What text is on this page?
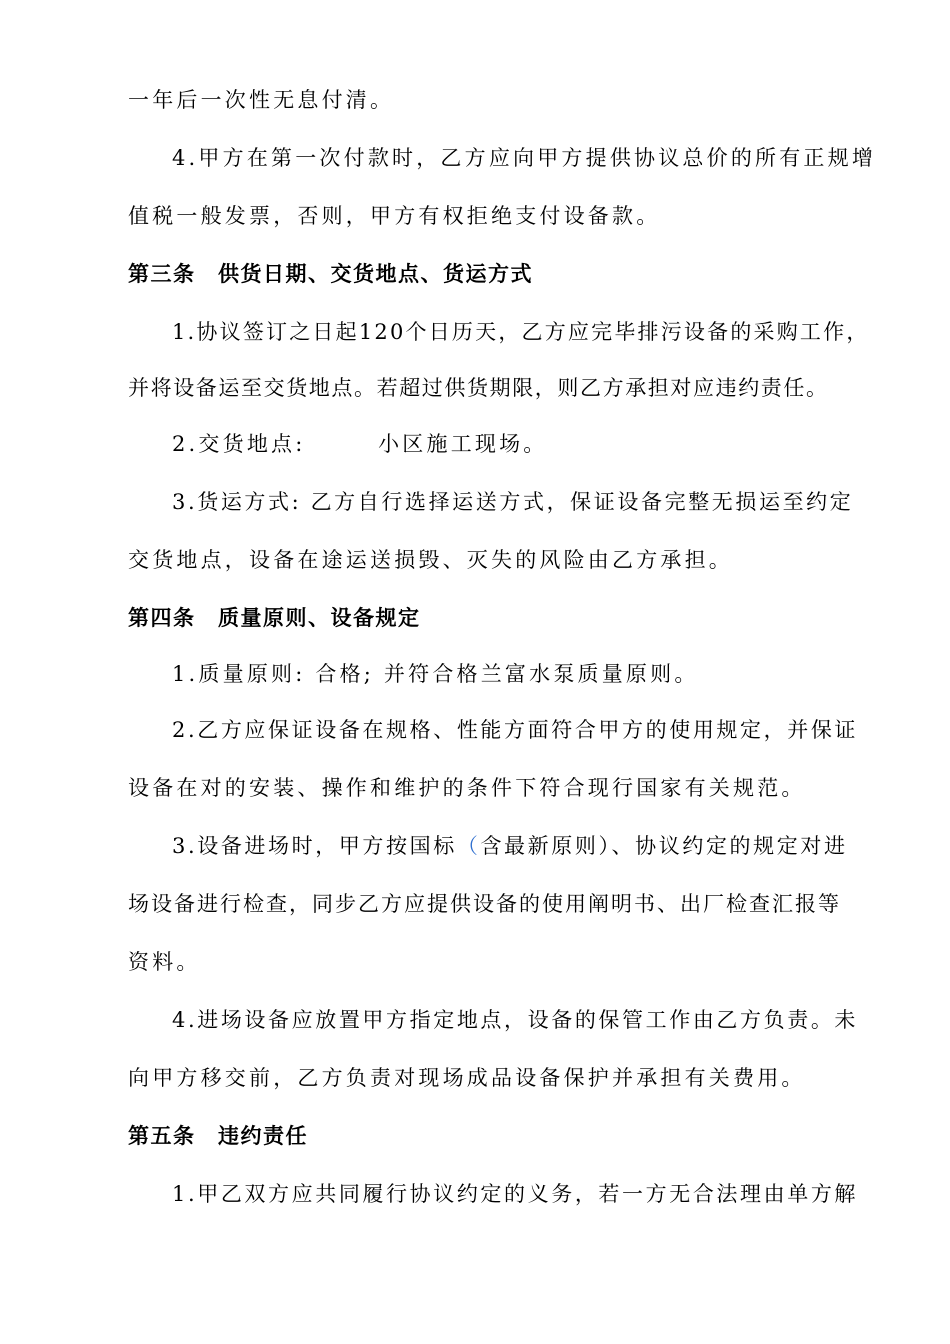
一年后一次性无息付清。
4.甲方在第一次付款时，乙方应向甲方提供协议总价的所有正规增
值税一般发票，否则，甲方有权拒绝支付设备款。
第三条　供货日期、交货地点、货运方式
1.协议签订之日起120个日历天，乙方应完毕排污设备的采购工作，
并将设备运至交货地点。若超过供货期限，则乙方承担对应违约责任。
2.交货地点:　　　小区施工现场。
3.货运方式: 乙方自行选择运送方式，保证设备完整无损运至约定
交货地点，设备在途运送损毁、灭失的风险由乙方承担。
第四条　质量原则、设备规定
1.质量原则: 合格; 并符合格兰富水泵质量原则。
2.乙方应保证设备在规格、性能方面符合甲方的使用规定，并保证
设备在对的安装、操作和维护的条件下符合现行国家有关规范。
3.设备进场时，甲方按国标（含最新原则）、协议约定的规定对进
场设备进行检查，同步乙方应提供设备的使用阐明书、出厂检查汇报等
资料。
4.进场设备应放置甲方指定地点，设备的保管工作由乙方负责。未
向甲方移交前，乙方负责对现场成品设备保护并承担有关费用。
第五条　违约责任
1.甲乙双方应共同履行协议约定的义务，若一方无合法理由单方解
